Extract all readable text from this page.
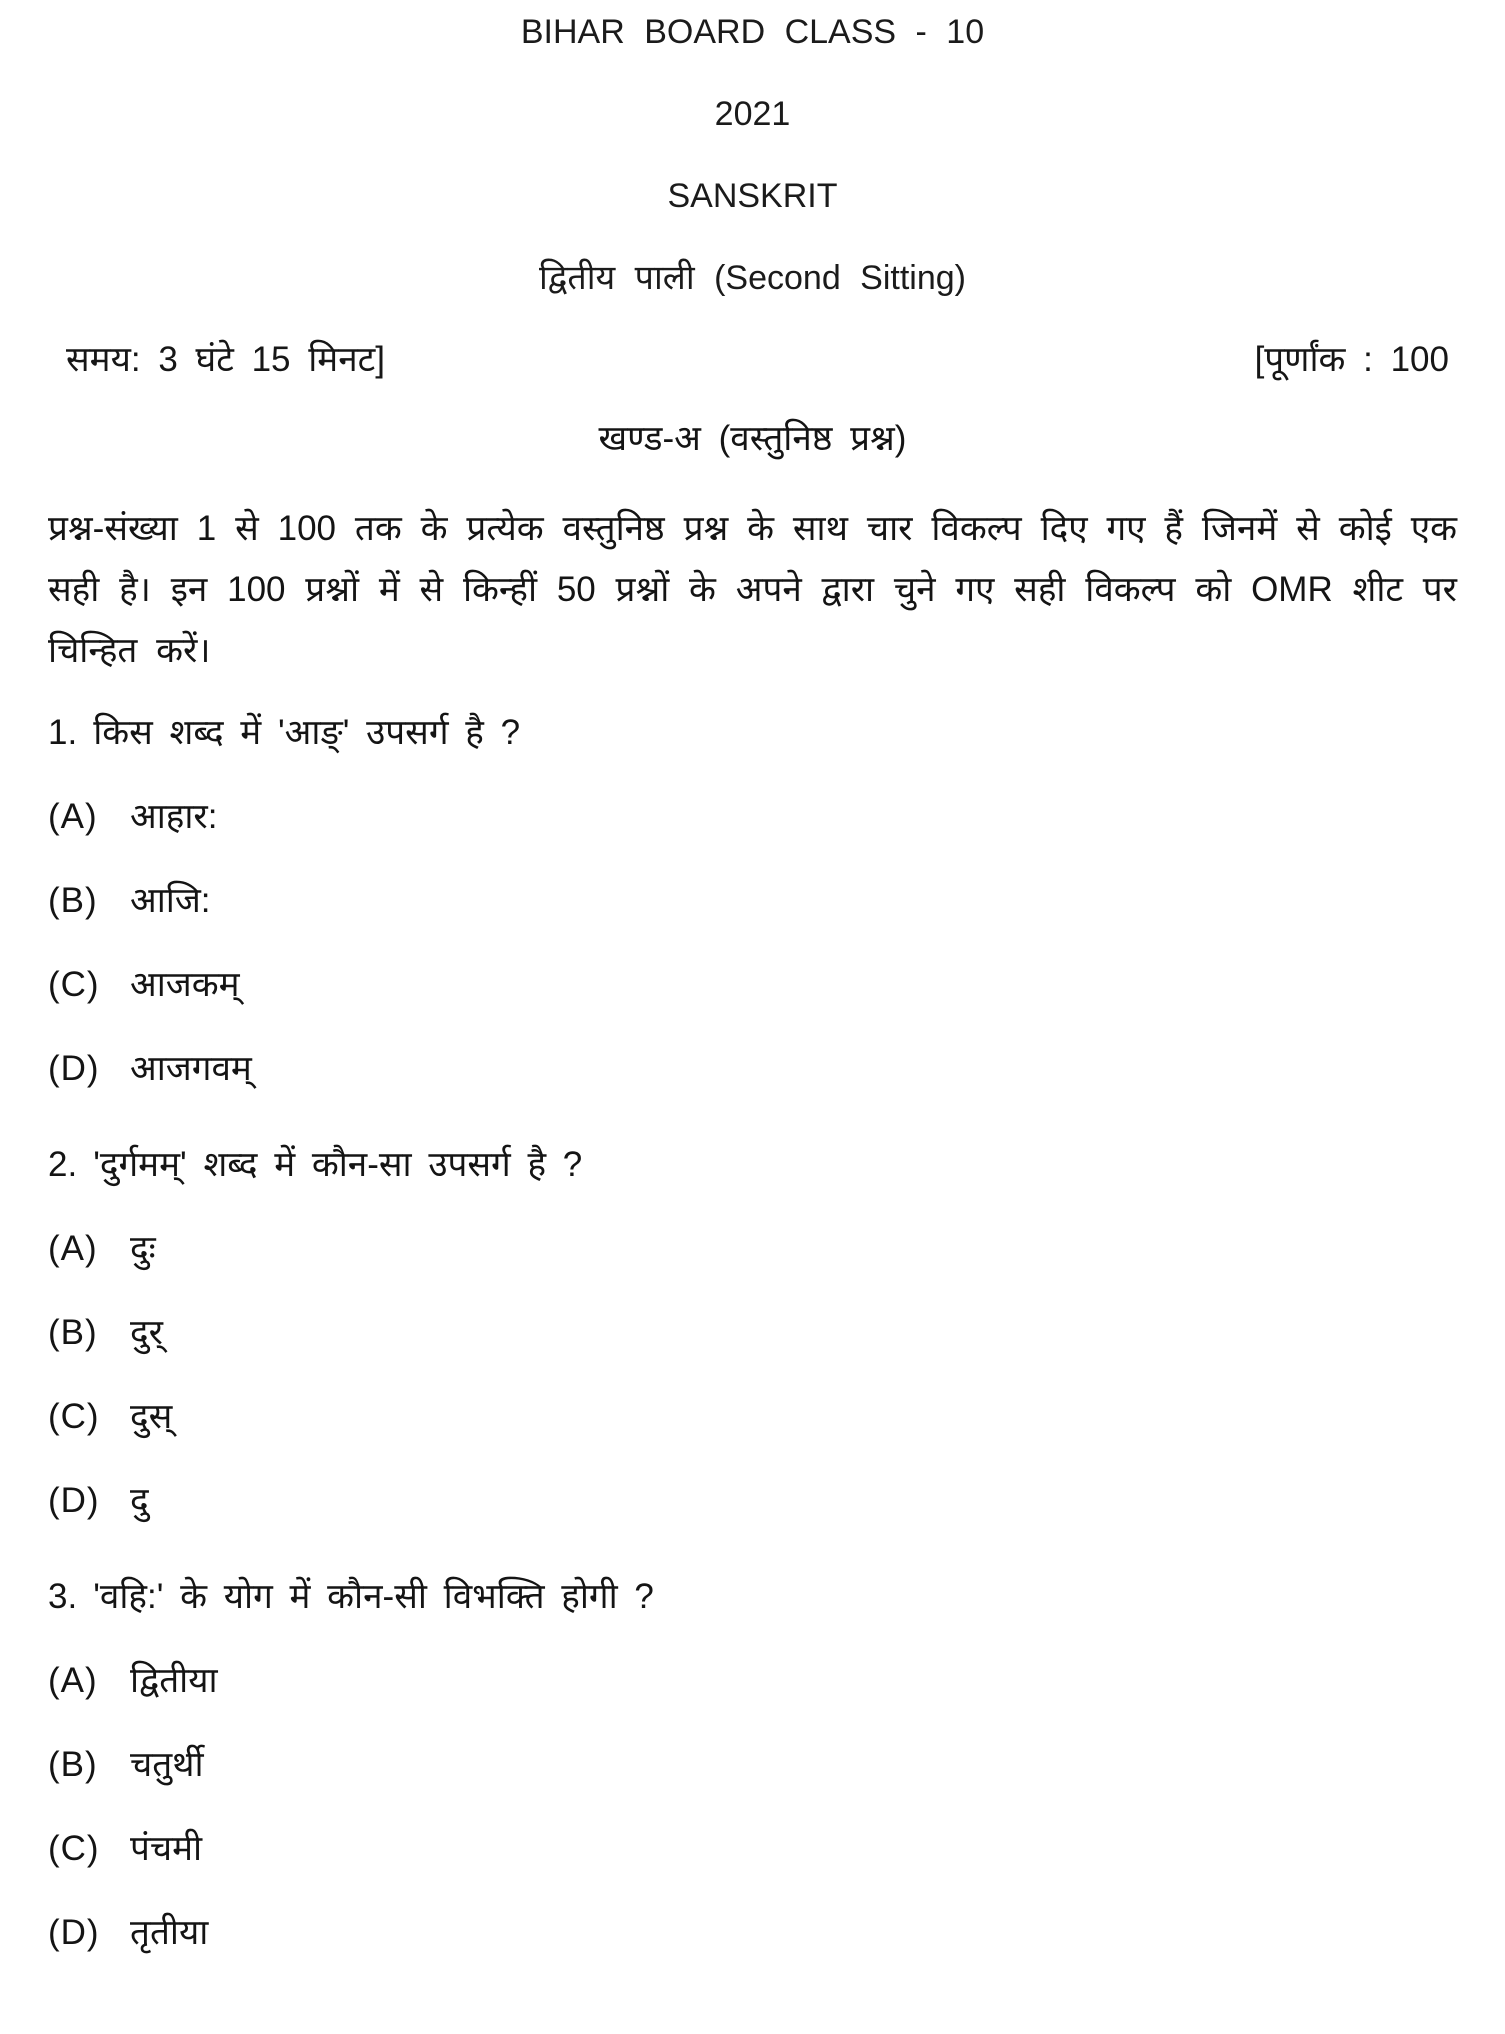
BIHAR BOARD CLASS - 10
2021
SANSKRIT
द्वितीय पाली (Second Sitting)
समय: 3 घंटे 15 मिनट]	[पूर्णांक : 100
खण्ड-अ (वस्तुनिष्ठ प्रश्न)

प्रश्न-संख्या 1 से 100 तक के प्रत्येक वस्तुनिष्ठ प्रश्न के साथ चार विकल्प दिए गए हैं जिनमें से कोई एक सही है। इन 100 प्रश्नों में से किन्हीं 50 प्रश्नों के अपने द्वारा चुने गए सही विकल्प को OMR शीट पर चिन्हित करें।

1. किस शब्द में 'आङ्' उपसर्ग है ?
(A) आहार:
(B) आजि:
(C) आजकम्
(D) आजगवम्
2. 'दुर्गमम्' शब्द में कौन-सा उपसर्ग है ?
(A) दुः
(B) दुर्
(C) दुस्
(D) दु
3. 'वहि:' के योग में कौन-सी विभक्ति होगी ?
(A) द्वितीया
(B) चतुर्थी
(C) पंचमी
(D) तृतीया
